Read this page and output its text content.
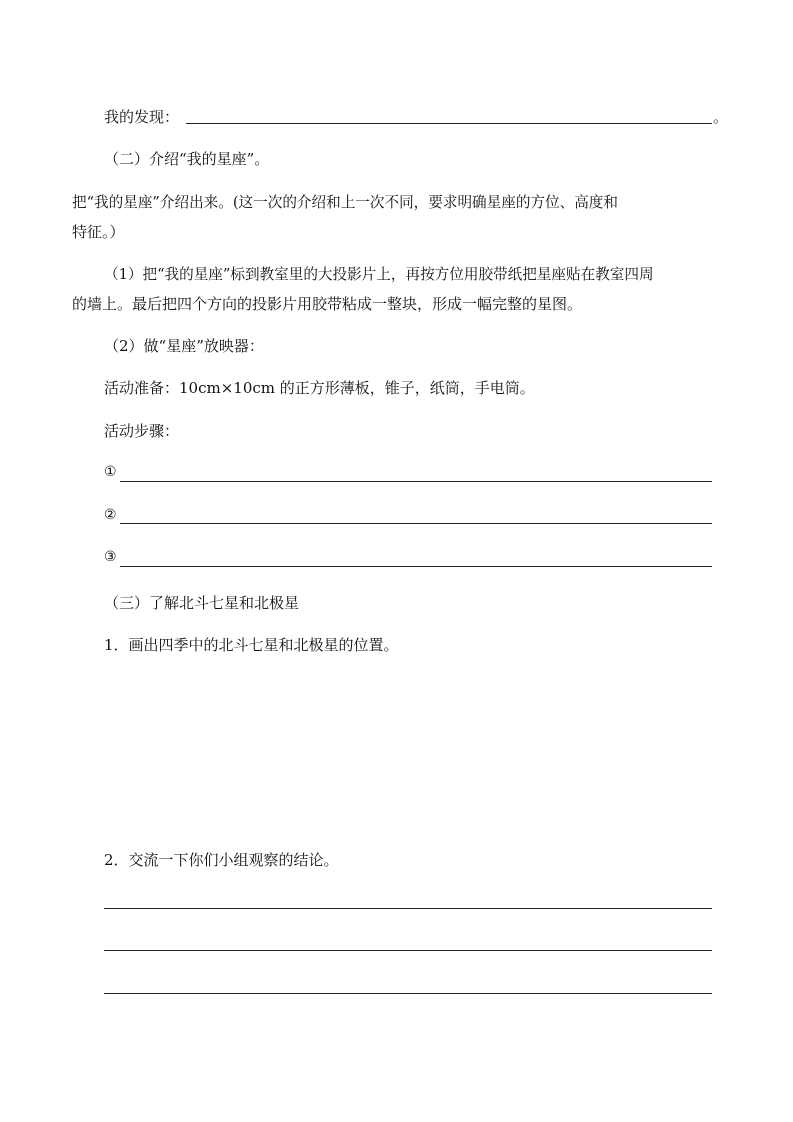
我的发现：	。
（二）介绍“我的星座”。
把“我的星座”介绍出来。(这一次的介绍和上一次不同，要求明确星座的方位、高度和
特征。）
（1）把“我的星座”标到教室里的大投影片上，再按方位用胶带纸把星座贴在教室四周
的墙上。最后把四个方向的投影片用胶带粘成一整块，形成一幅完整的星图。
（2）做“星座”放映器：
活动准备：10cm×10cm 的正方形薄板，锥子，纸筒，手电筒。
活动步骤：
①
②
③
（三）了解北斗七星和北极星
1．画出四季中的北斗七星和北极星的位置。
2．交流一下你们小组观察的结论。
